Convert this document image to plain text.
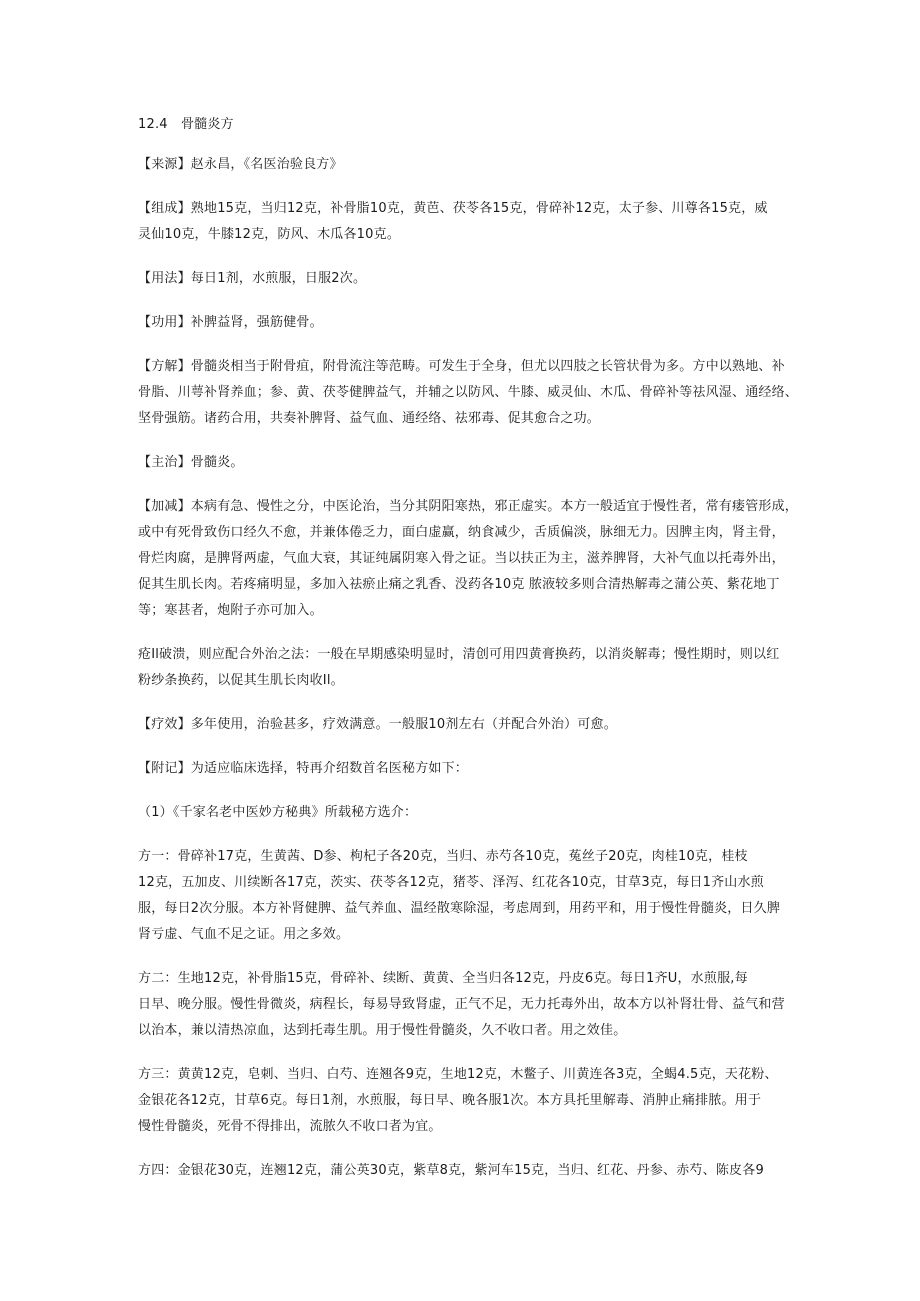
12.4　骨髓炎方
【来源】赵永昌，《名医治验良方》
【组成】熟地15克，当归12克，补骨脂10克，黄芭、茯苓各15克，骨碎补12克，太子参、川尊各15克，威
灵仙10克，牛膝12克，防风、木瓜各10克。
【用法】每日1剂，水煎服，日服2次。
【功用】补脾益肾，强筋健骨。
【方解】骨髓炎相当于附骨疽，附骨流注等范畴。可发生于全身，但尤以四肢之长管状骨为多。方中以熟地、补
骨脂、川萼补肾养血；参、黄、茯苓健脾益气，并辅之以防风、牛膝、威灵仙、木瓜、骨碎补等祛风湿、通经络、
坚骨强筋。诸药合用，共奏补脾肾、益气血、通经络、祛邪毒、促其愈合之功。
【主治】骨髓炎。
【加减】本病有急、慢性之分，中医论治，当分其阴阳寒热，邪正虚实。本方一般适宜于慢性者，常有瘘管形成，
或中有死骨致伤口经久不愈，并兼体倦乏力，面白虚赢，纳食减少，舌质偏淡，脉细无力。因脾主肉，肾主骨，
骨烂肉腐，是脾肾两虚，气血大衰，其证纯属阴寒入骨之证。当以扶正为主，滋养脾肾，大补气血以托毒外出，
促其生肌长肉。若疼痛明显，多加入祛瘀止痛之乳香、没药各10克 脓液较多则合清热解毒之蒲公英、紫花地丁
等；寒甚者，炮附子亦可加入。
疮Il破溃，则应配合外治之法：一般在早期感染明显时，清创可用四黄膏换药，以消炎解毒；慢性期时，则以红
粉纱条换药，以促其生肌长肉收Il。
【疗效】多年使用，治验甚多，疗效满意。一般服10剂左右（并配合外治）可愈。
【附记】为适应临床选择，特再介绍数首名医秘方如下：
（1）《千家名老中医妙方秘典》所载秘方选介：
方一：骨碎补17克，生黄茜、D参、枸杞子各20克，当归、赤芍各10克，菟丝子20克，肉桂10克，桂枝
12克，五加皮、川续断各17克，茨实、茯苓各12克，猪苓、泽泻、红花各10克，甘草3克，每日1齐山水煎
服，每日2次分服。本方补肾健脾、益气养血、温经散寒除湿，考虑周到，用药平和，用于慢性骨髓炎，日久脾
肾亏虚、气血不足之证。用之多效。
方二：生地12克，补骨脂15克，骨碎补、续断、黄黄、全当归各12克，丹皮6克。每日1齐U，水煎服,每
日早、晚分服。慢性骨微炎，病程长，每易导致肾虚，正气不足，无力托毒外出，故本方以补肾壮骨、益气和营
以治本，兼以清热凉血，达到托毒生肌。用于慢性骨髓炎，久不收口者。用之效佳。
方三：黄黄12克，皂刺、当归、白芍、连翘各9克，生地12克，木鳖子、川黄连各3克，全蝎4.5克，天花粉、
金银花各12克，甘草6克。每日1剂，水煎服，每日早、晚各服1次。本方具托里解毒、消肿止痛排脓。用于
慢性骨髓炎，死骨不得排出，流脓久不收口者为宜。
方四：金银花30克，连翘12克，蒲公英30克，紫草8克，紫河车15克，当归、红花、丹参、赤芍、陈皮各9
